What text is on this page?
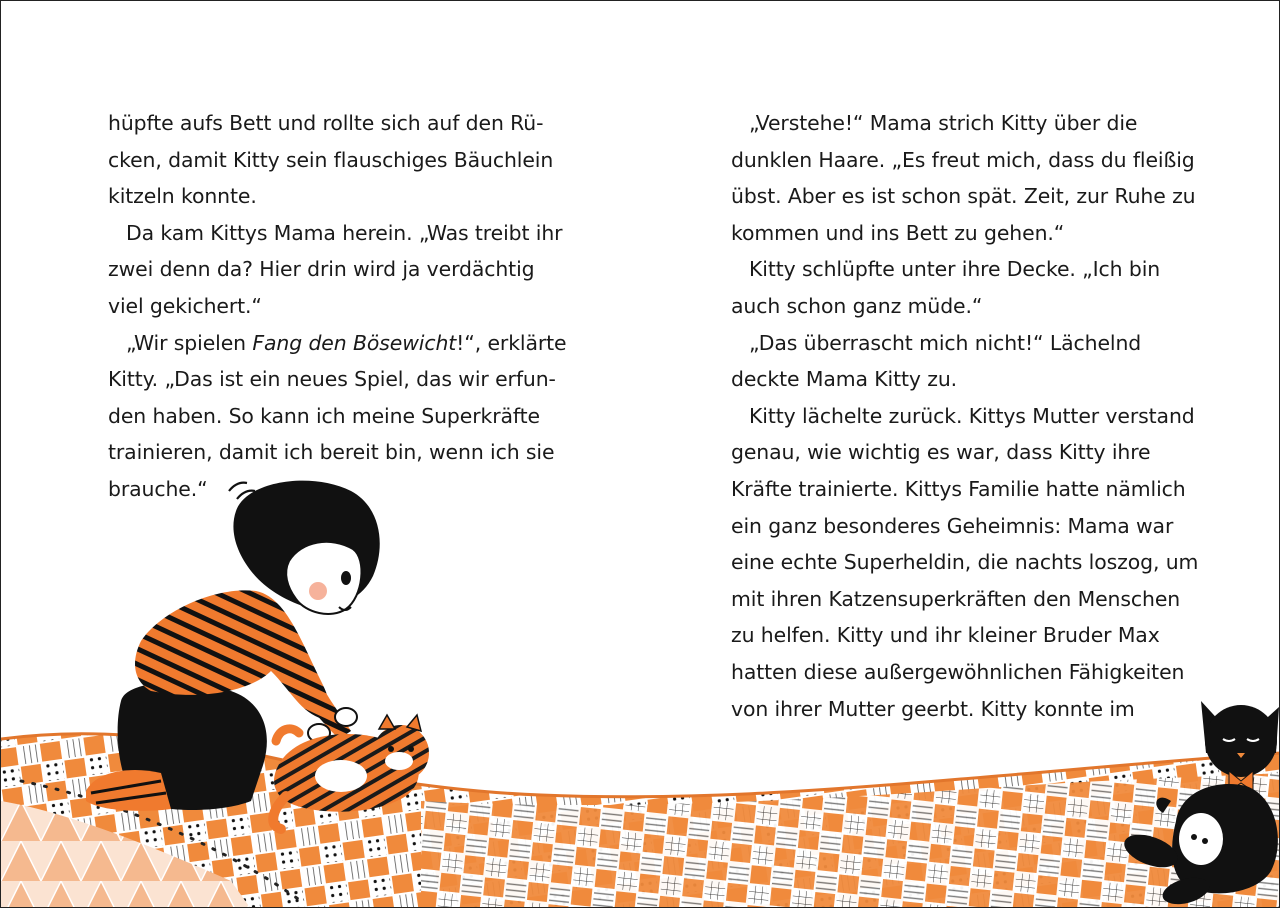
hüpfte aufs Bett und rollte sich auf den Rü-
cken, damit Kitty sein flauschiges Bäuchlein
kitzeln konnte.
Da kam Kittys Mama herein. „Was treibt ihr
zwei denn da? Hier drin wird ja verdächtig
viel gekichert.“
„Wir spielen Fang den Bösewicht!“, erklärte
Kitty. „Das ist ein neues Spiel, das wir erfun-
den haben. So kann ich meine Superkräfte
trainieren, damit ich bereit bin, wenn ich sie
brauche.“
„Verstehe!“ Mama strich Kitty über die
dunklen Haare. „Es freut mich, dass du fleißig
übst. Aber es ist schon spät. Zeit, zur Ruhe zu
kommen und ins Bett zu gehen.“
Kitty schlüpfte unter ihre Decke. „Ich bin
auch schon ganz müde.“
„Das überrascht mich nicht!“ Lächelnd
deckte Mama Kitty zu.
Kitty lächelte zurück. Kittys Mutter verstand
genau, wie wichtig es war, dass Kitty ihre
Kräfte trainierte. Kittys Familie hatte nämlich
ein ganz besonderes Geheimnis: Mama war
eine echte Superheldin, die nachts loszog, um
mit ihren Katzensuperkräften den Menschen
zu helfen. Kitty und ihr kleiner Bruder Max
hatten diese außergewöhnlichen Fähigkeiten
von ihrer Mutter geerbt. Kitty konnte im
